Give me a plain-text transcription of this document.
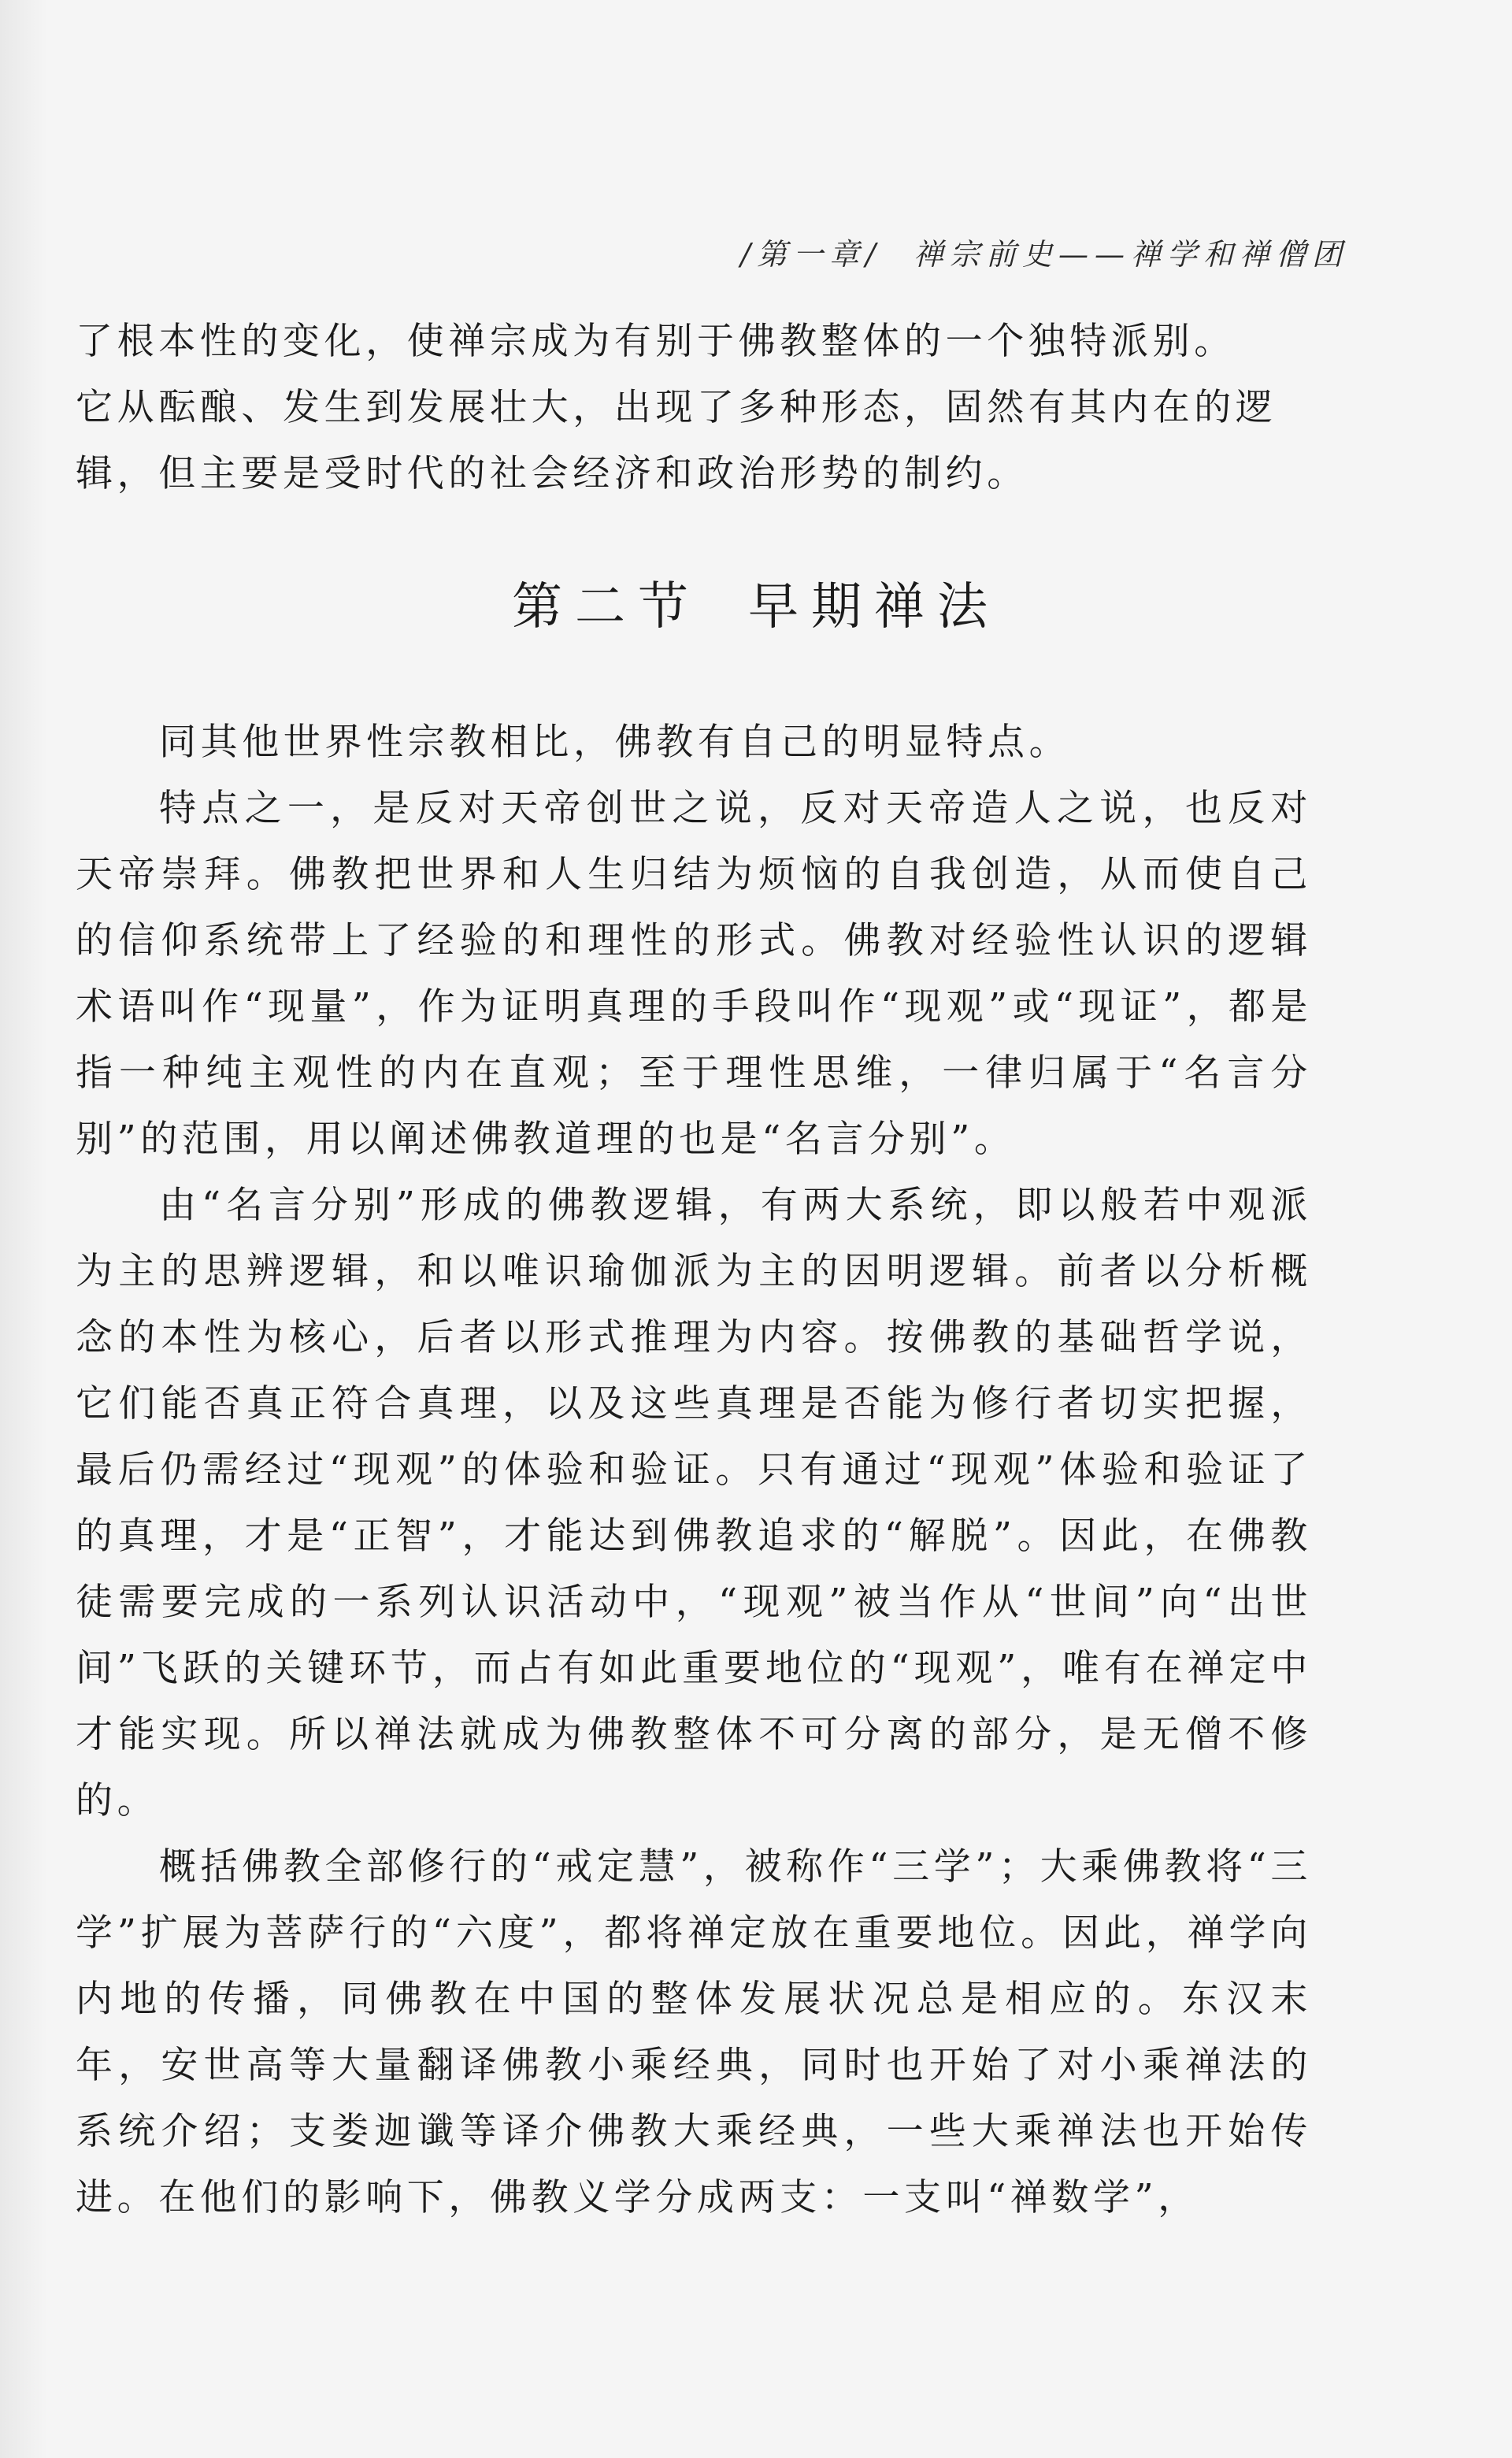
/第一章/ 禅宗前史——禅学和禅僧团
了根本性的变化，使禅宗成为有别于佛教整体的一个独特派别。
它从酝酿、发生到发展壮大，出现了多种形态，固然有其内在的逻
辑，但主要是受时代的社会经济和政治形势的制约。
第二节 早期禅法

同其他世界性宗教相比，佛教有自己的明显特点。

特点之一，是反对天帝创世之说，反对天帝造人之说，也反对天帝崇拜。佛教把世界和人生归结为烦恼的自我创造，从而使自己的信仰系统带上了经验的和理性的形式。佛教对经验性认识的逻辑术语叫作“现量”，作为证明真理的手段叫作“现观”或“现证”，都是指一种纯主观性的内在直观；至于理性思维，一律归属于“名言分别”的范围，用以阐述佛教道理的也是“名言分别”。

由“名言分别”形成的佛教逻辑，有两大系统，即以般若中观派为主的思辨逻辑，和以唯识瑜伽派为主的因明逻辑。前者以分析概念的本性为核心，后者以形式推理为内容。按佛教的基础哲学说，它们能否真正符合真理，以及这些真理是否能为修行者切实把握，最后仍需经过“现观”的体验和验证。只有通过“现观”体验和验证了的真理，才是“正智”，才能达到佛教追求的“解脱”。因此，在佛教徒需要完成的一系列认识活动中，“现观”被当作从“世间”向“出世间”飞跃的关键环节，而占有如此重要地位的“现观”，唯有在禅定中才能实现。所以禅法就成为佛教整体不可分离的部分，是无僧不修的。

概括佛教全部修行的“戒定慧”，被称作“三学”；大乘佛教将“三学”扩展为菩萨行的“六度”，都将禅定放在重要地位。因此，禅学向内地的传播，同佛教在中国的整体发展状况总是相应的。东汉末年，安世高等大量翻译佛教小乘经典，同时也开始了对小乘禅法的系统介绍；支娄迦谶等译介佛教大乘经典，一些大乘禅法也开始传进。在他们的影响下，佛教义学分成两支：一支叫“禅数学”，
